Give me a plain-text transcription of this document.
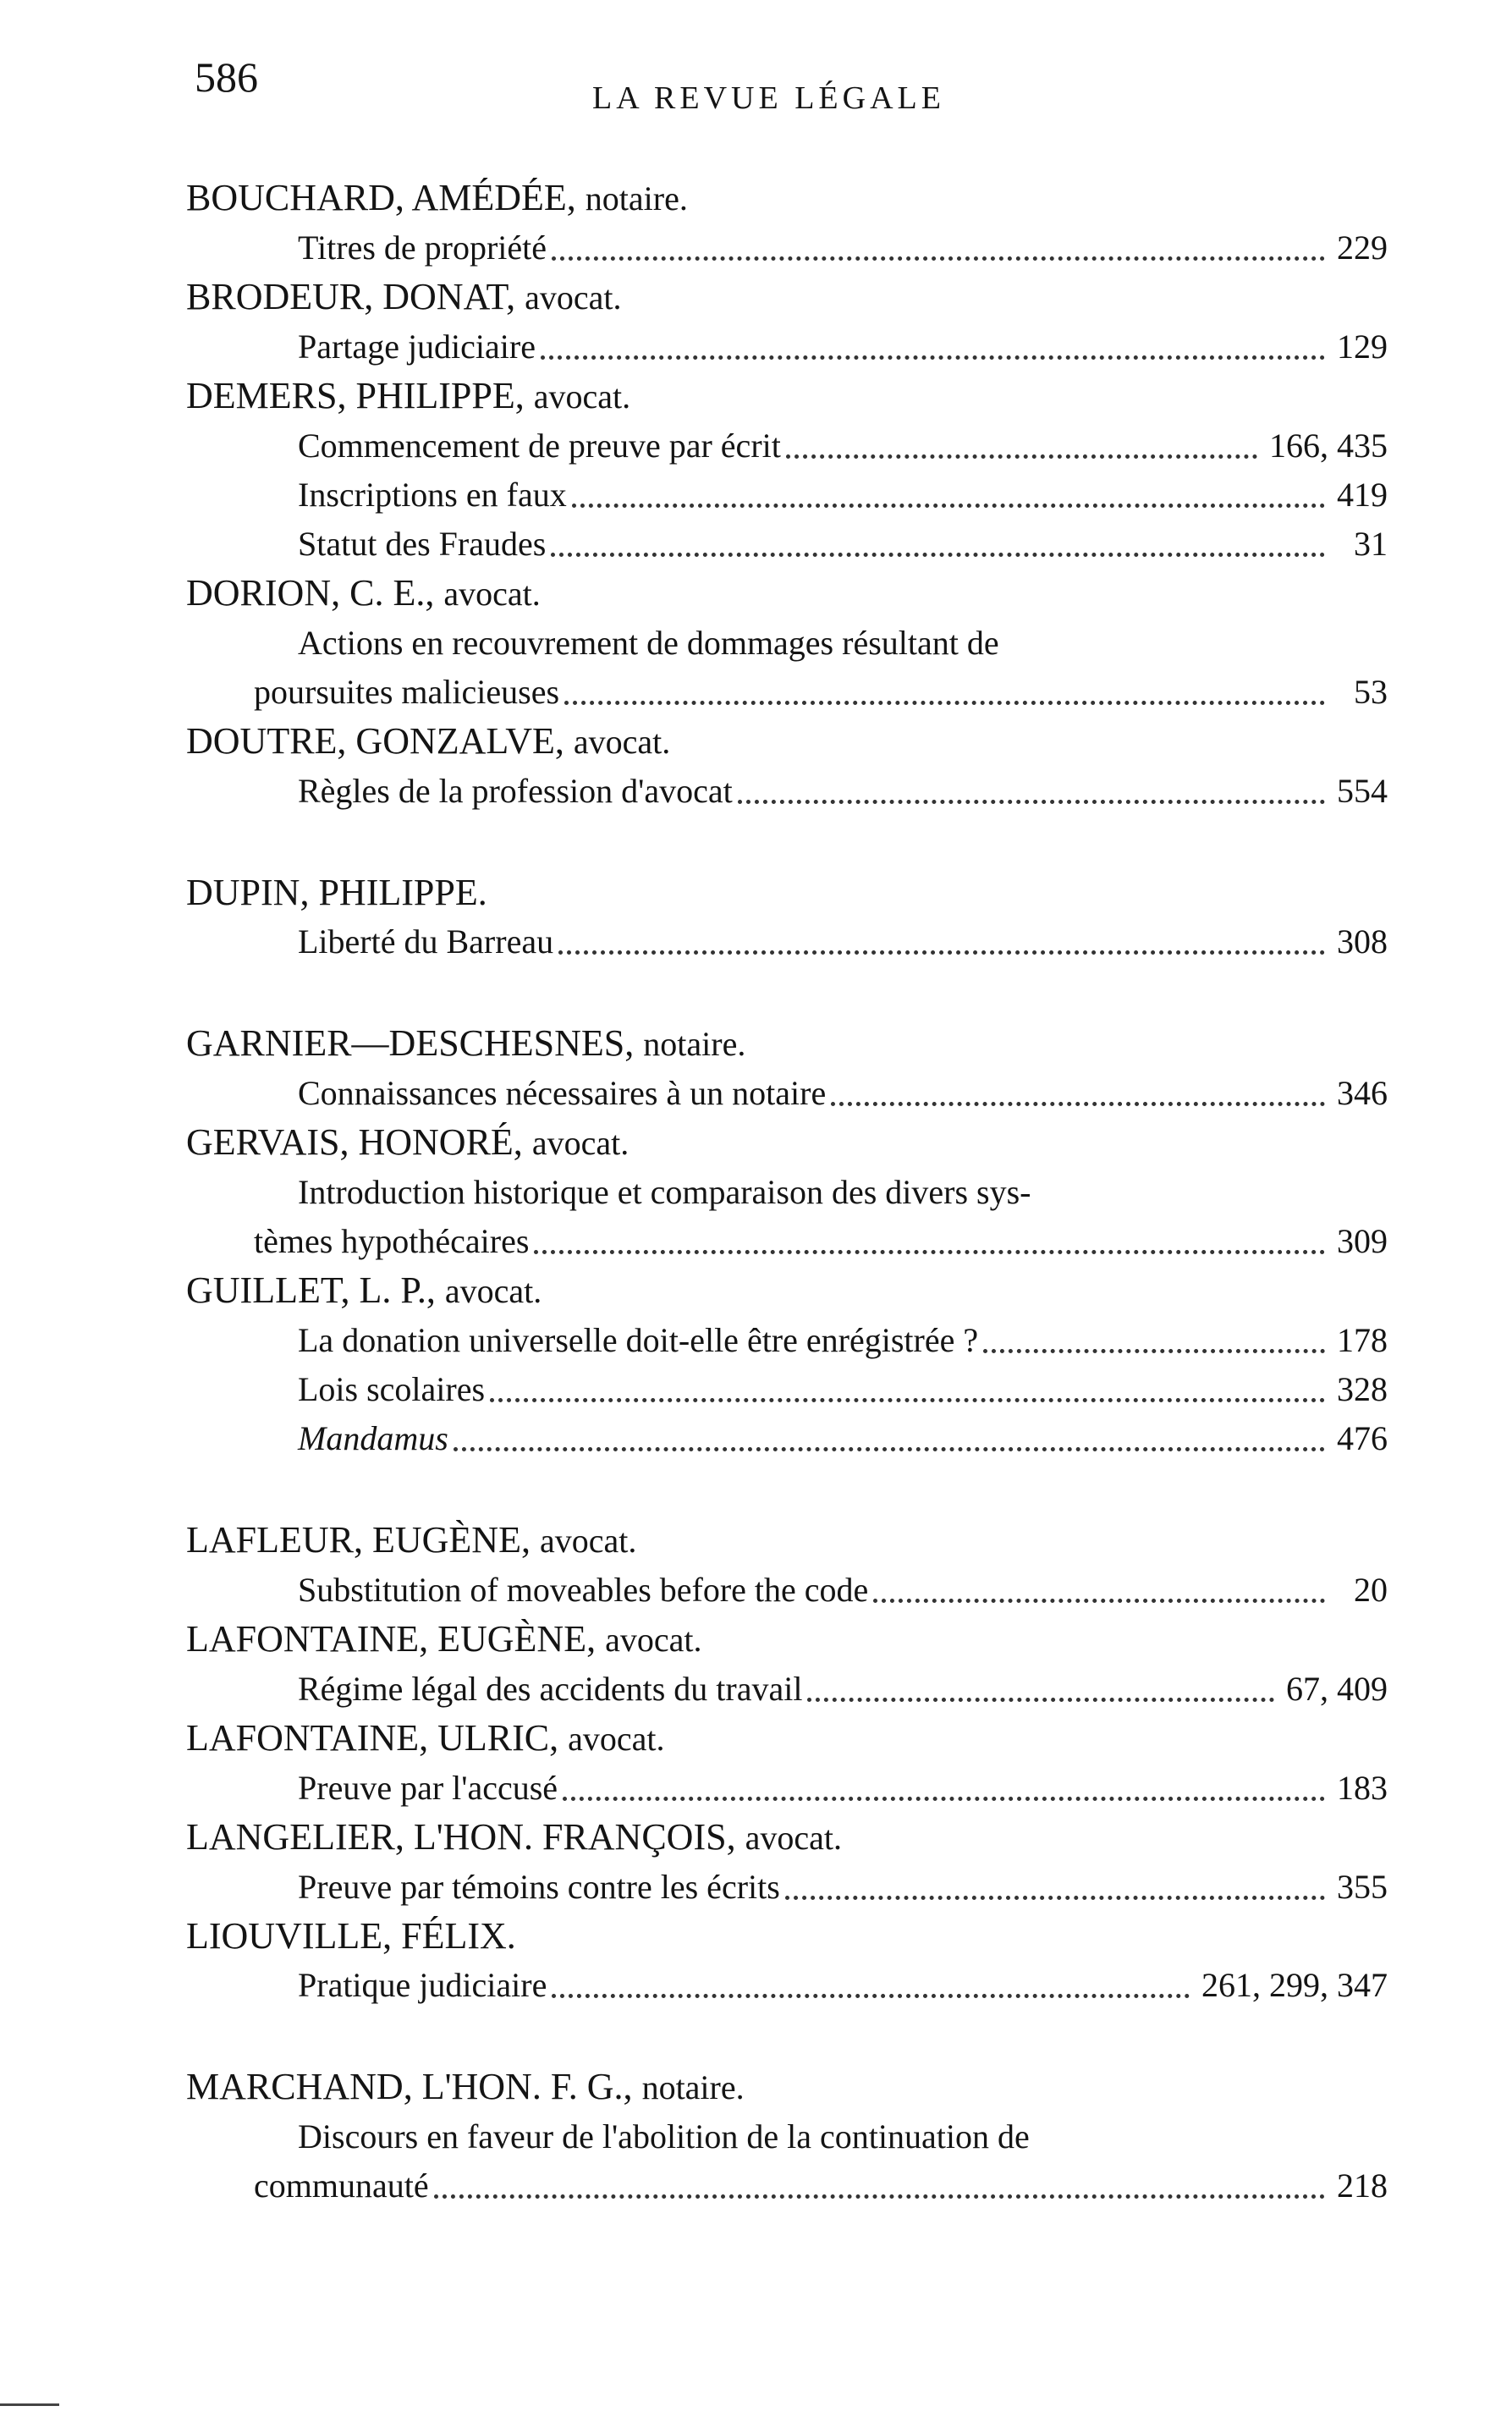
586	LA REVUE LÉGALE
BOUCHARD, AMÉDÉE, notaire.
Titres de propriété	229
BRODEUR, DONAT, avocat.
Partage judiciaire	129
DEMERS, PHILIPPE, avocat.
Commencement de preuve par écrit	166, 435
Inscriptions en faux	419
Statut des Fraudes	31
DORION, C. E., avocat.
Actions en recouvrement de dommages résultant de
poursuites malicieuses	53
DOUTRE, GONZALVE, avocat.
Règles de la profession d'avocat	554
DUPIN, PHILIPPE.
Liberté du Barreau	308
GARNIER—DESCHESNES, notaire.
Connaissances nécessaires à un notaire	346
GERVAIS, HONORÉ, avocat.
Introduction historique et comparaison des divers sys-
tèmes hypothécaires	309
GUILLET, L. P., avocat.
La donation universelle doit-elle être enrégistrée ?	178
Lois scolaires	328
Mandamus	476
LAFLEUR, EUGÈNE, avocat.
Substitution of moveables before the code	20
LAFONTAINE, EUGÈNE, avocat.
Régime légal des accidents du travail	67, 409
LAFONTAINE, ULRIC, avocat.
Preuve par l'accusé	183
LANGELIER, L'HON. FRANÇOIS, avocat.
Preuve par témoins contre les écrits	355
LIOUVILLE, FÉLIX.
Pratique judiciaire	261, 299, 347
MARCHAND, L'HON. F. G., notaire.
Discours en faveur de l'abolition de la continuation de
communauté	218
